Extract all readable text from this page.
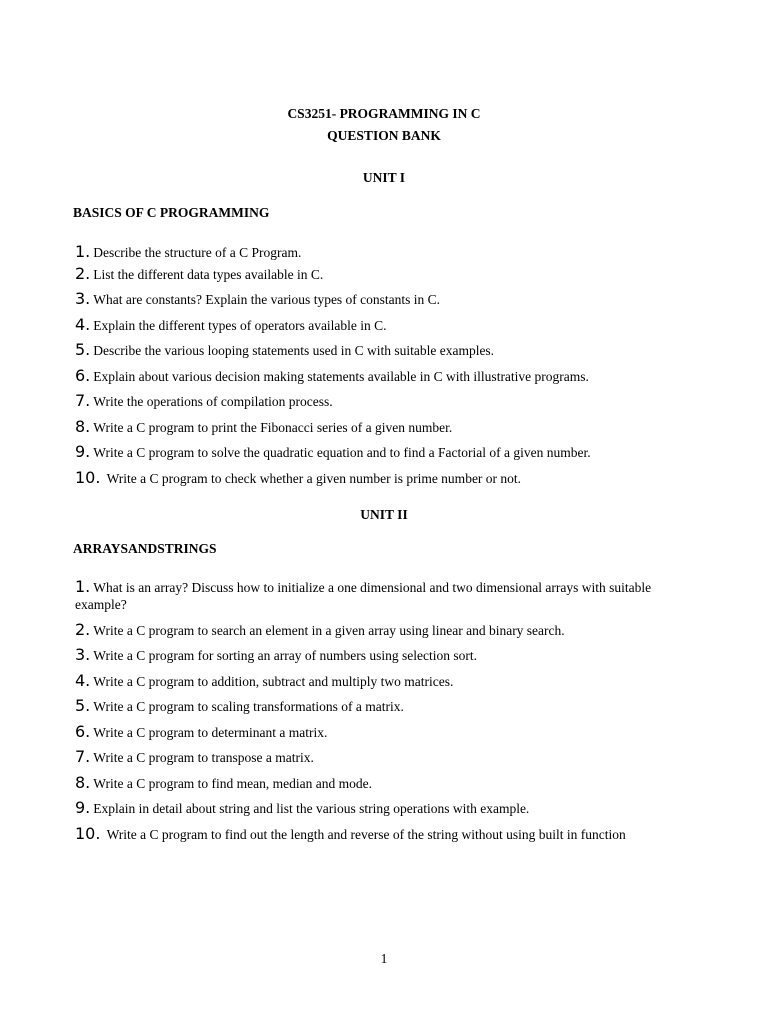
CS3251- PROGRAMMING IN C
QUESTION BANK
UNIT I
BASICS OF C PROGRAMMING
1. Describe the structure of a C Program.
2. List the different data types available in C.
3. What are constants? Explain the various types of constants in C.
4. Explain the different types of operators available in C.
5. Describe the various looping statements used in C with suitable examples.
6. Explain about various decision making statements available in C with illustrative programs.
7. Write the operations of compilation process.
8. Write a C program to print the Fibonacci series of a given number.
9. Write a C program to solve the quadratic equation and to find a Factorial of a given number.
10. Write a C program to check whether a given number is prime number or not.
UNIT II
ARRAYSANDSTRINGS
1. What is an array? Discuss how to initialize a one dimensional and two dimensional arrays with suitable example?
2. Write a C program to search an element in a given array using linear and binary search.
3. Write a C program for sorting an array of numbers using selection sort.
4. Write a C program to addition, subtract and multiply two matrices.
5. Write a C program to scaling transformations of a matrix.
6. Write a C program to determinant a matrix.
7. Write a C program to transpose a matrix.
8. Write a C program to find mean, median and mode.
9. Explain in detail about string and list the various string operations with example.
10. Write a C program to find out the length and reverse of the string without using built in function
1
